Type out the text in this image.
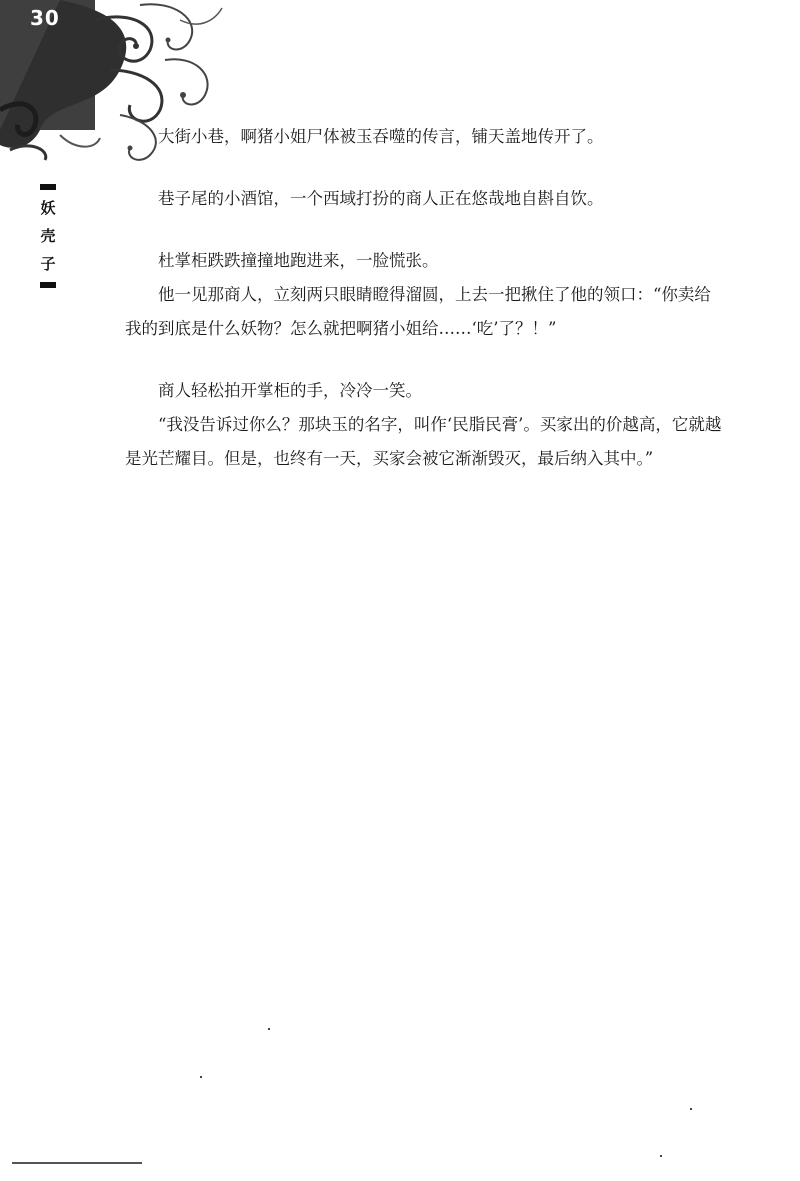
30
妖
壳
子

大街小巷，啊猪小姐尸体被玉吞噬的传言，铺天盖地传开了。

巷子尾的小酒馆，一个西域打扮的商人正在悠哉地自斟自饮。

杜掌柜跌跌撞撞地跑进来，一脸慌张。

他一见那商人，立刻两只眼睛瞪得溜圆，上去一把揪住了他的领口：“你卖给我的到底是什么妖物？怎么就把啊猪小姐给……‘吃’了？！”

商人轻松拍开掌柜的手，冷冷一笑。

“我没告诉过你么？那块玉的名字，叫作‘民脂民膏’。买家出的价越高，它就越是光芒耀目。但是，也终有一天，买家会被它渐渐毁灭，最后纳入其中。”
